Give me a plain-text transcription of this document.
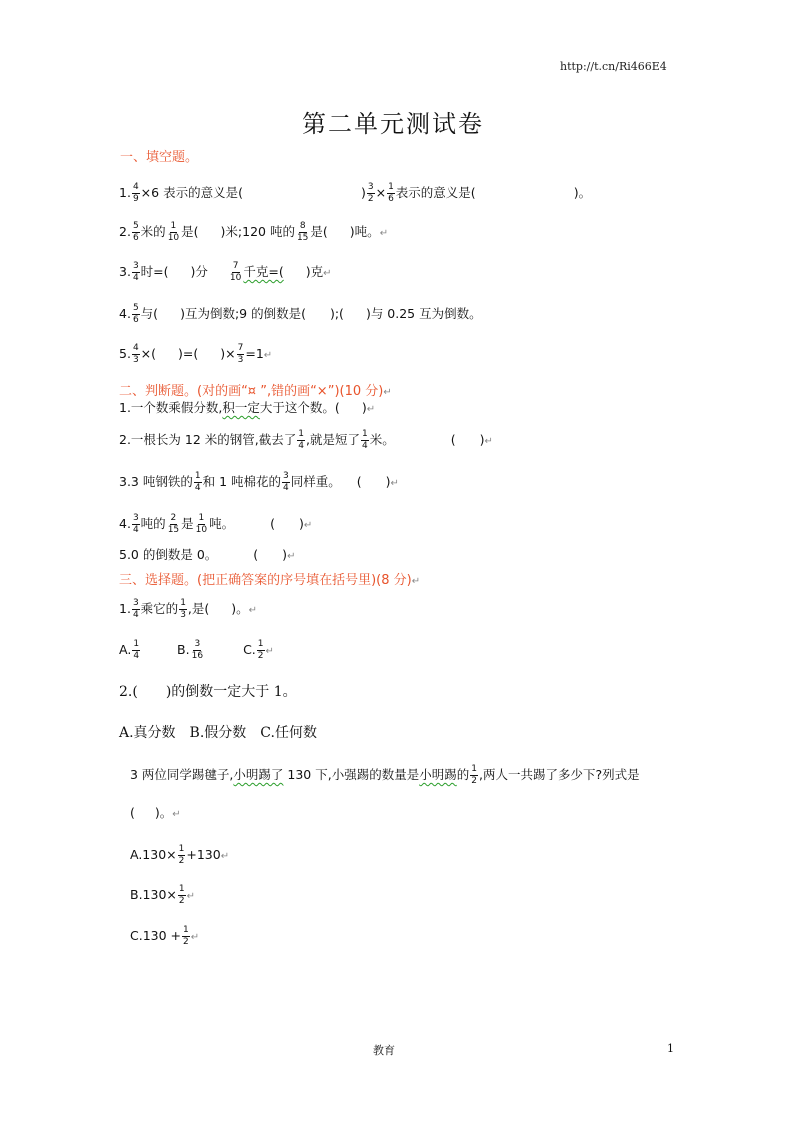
http://t.cn/Ri466E4
第二单元测试卷
一、填空题。
1. $\frac{4}{9} \times 6$ 表示的意义是(	) $\frac{3}{2} \times \frac{1}{6}$ 表示的意义是(	)。
2. $\frac{5}{6}$ 米的 $\frac{1}{10}$ 是( )米;120 吨的 $\frac{8}{15}$ 是( )吨。↵
3. $\frac{3}{4}$ 时=( )分 $\frac{7}{10}$ 千克=( )克↵
4. $\frac{5}{6}$ 与( )互为倒数;9 的倒数是( );( )与 0.25 互为倒数。
5. $\frac{4}{3}$ ×( )=( )× $\frac{7}{3}$ =1↵
二、判断题。(对的画“¤ ”,错的画“×”)(10 分)↵
1.一个数乘假分数,积一定大于这个数。( )↵
2.一根长为 12 米的钢管,截去了 $\frac{1}{4}$ ,就是短了 $\frac{1}{4}$ 米。	( )↵
3.3 吨钢铁的 $\frac{1}{4}$ 和 1 吨棉花的 $\frac{3}{4}$ 同样重。 ( )↵
4. $\frac{3}{4}$ 吨的 $\frac{2}{15}$ 是 $\frac{1}{10}$ 吨。	( )↵
5.0 的倒数是 0。	( )↵
三、选择题。(把正确答案的序号填在括号里)(8 分)↵
1. $\frac{3}{4}$ 乘它的 $\frac{1}{3}$ ,是( )。↵
A. $\frac{1}{4}$	B. $\frac{3}{16}$	C. $\frac{1}{2}$ ↵
2.(　　)的倒数一定大于 1。
A.真分数　B.假分数　C.任何数
3 两位同学踢毽子,小明踢了 130 下,小强踢的数量是小明踢的 $\frac{1}{2}$ ,两人一共踢了多少下?列式是
( )。↵
$A.130\times \frac{1}{2}$ +130↵
$B.130\times \frac{1}{2}$ ↵
$C.130 + \frac{1}{2}$ ↵
教育	1
